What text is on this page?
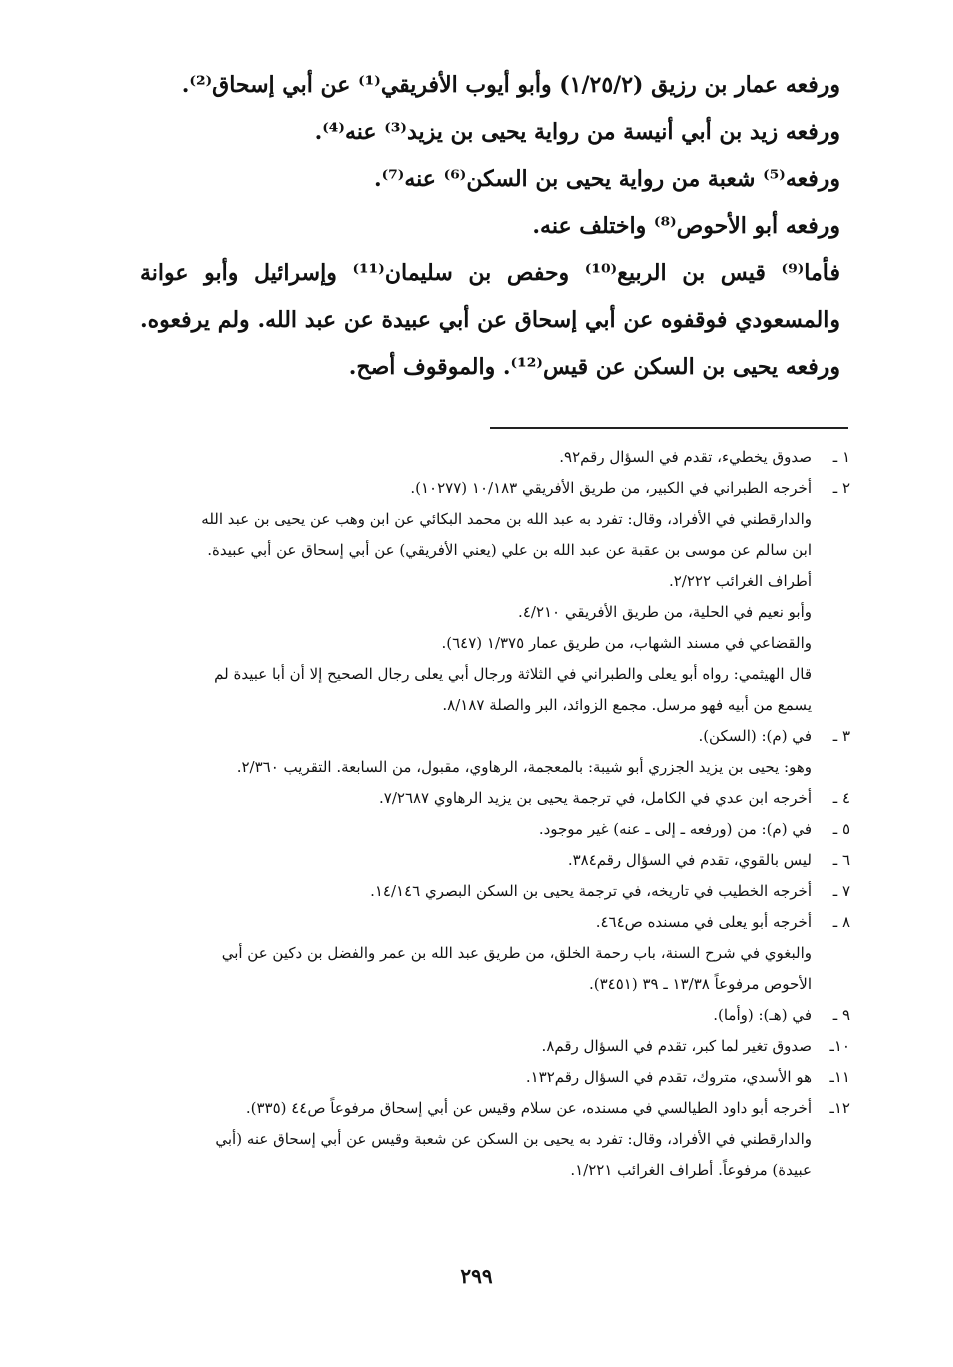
ورفعه عمار بن رزيق (١/٢٥/٢) وأبو أيوب الأفريقي⁽¹⁾ عن أبي إسحاق⁽²⁾.

ورفعه زيد بن أبي أنيسة من رواية يحيى بن يزيد⁽³⁾ عنه⁽⁴⁾.

ورفعه⁽⁵⁾ شعبة من رواية يحيى بن السكن⁽⁶⁾ عنه⁽⁷⁾.

ورفعه أبو الأحوص⁽⁸⁾ واختلف عنه.

فأما⁽⁹⁾ قيس بن الربيع⁽¹⁰⁾ وحفص بن سليمان⁽¹¹⁾ وإسرائيل وأبو عوانة

والمسعودي فوقفوه عن أبي إسحاق عن أبي عبيدة عن عبد الله. ولم يرفعوه.

ورفعه يحيى بن السكن عن قيس⁽¹²⁾. والموقوف أصح.

١ ـ
صدوق يخطيء، تقدم في السؤال رقم٩٢.
٢ ـ
أخرجه الطبراني في الكبير، من طريق الأفريقي ١٠/١٨٣ (١٠٢٧٧).
والدارقطني في الأفراد، وقال: تفرد به عبد الله بن محمد البكائي عن ابن وهب عن يحيى بن عبد الله
ابن سالم عن موسى بن عقبة عن عبد الله بن علي (يعني الأفريقي) عن أبي إسحاق عن أبي عبيدة.
أطراف الغرائب ٢/٢٢٢.
وأبو نعيم في الحلية، من طريق الأفريقي ٤/٢١٠.
والقضاعي في مسند الشهاب، من طريق عمار ١/٣٧٥ (٦٤٧).
قال الهيثمي: رواه أبو يعلى والطبراني في الثلاثة ورجال أبي يعلى رجال الصحيح إلا أن أبا عبيدة لم
يسمع من أبيه فهو مرسل. مجمع الزوائد، البر والصلة ٨/١٨٧.
٣ ـ
في (م): (السكن).
وهو: يحيى بن يزيد الجزري أبو شيبة: بالمعجمة، الرهاوي، مقبول، من السابعة. التقريب ٢/٣٦٠.
٤ ـ
أخرجه ابن عدي في الكامل، في ترجمة يحيى بن يزيد الرهاوي ٧/٢٦٨٧.
٥ ـ
في (م): من (ورفعه ـ إلى ـ عنه) غير موجود.
٦ ـ
ليس بالقوي، تقدم في السؤال رقم٣٨٤.
٧ ـ
أخرجه الخطيب في تاريخه، في ترجمة يحيى بن السكن البصري ١٤/١٤٦.
٨ ـ
أخرجه أبو يعلى في مسنده ص٤٦٤.
والبغوي في شرح السنة، باب رحمة الخلق، من طريق عبد الله بن عمر والفضل بن دكين عن أبي
الأحوص مرفوعاً ١٣/٣٨ ـ ٣٩ (٣٤٥١).
٩ ـ
في (هـ): (وأما).
١٠ـ
صدوق تغير لما كبر، تقدم في السؤال رقم٨.
١١ـ
هو الأسدي، متروك، تقدم في السؤال رقم١٣٢.
١٢ـ
أخرجه أبو داود الطيالسي في مسنده، عن سلام وقيس عن أبي إسحاق مرفوعاً ص٤٤ (٣٣٥).
والدارقطني في الأفراد، وقال: تفرد به يحيى بن السكن عن شعبة وقيس عن أبي إسحاق عنه (أبي
عبيدة) مرفوعاً. أطراف الغرائب ١/٢٢١.
٢٩٩
